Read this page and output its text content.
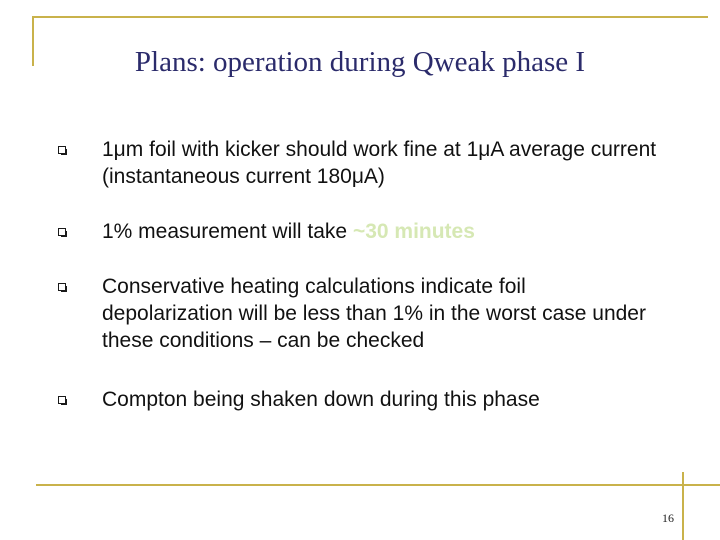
Plans: operation during Qweak phase I
1μm foil with kicker should work fine at 1μA average current (instantaneous current 180μA)
1% measurement will take ~30 minutes
Conservative heating calculations indicate foil depolarization will be less than 1% in the worst case under these conditions – can be checked
Compton being shaken down during this phase
16
